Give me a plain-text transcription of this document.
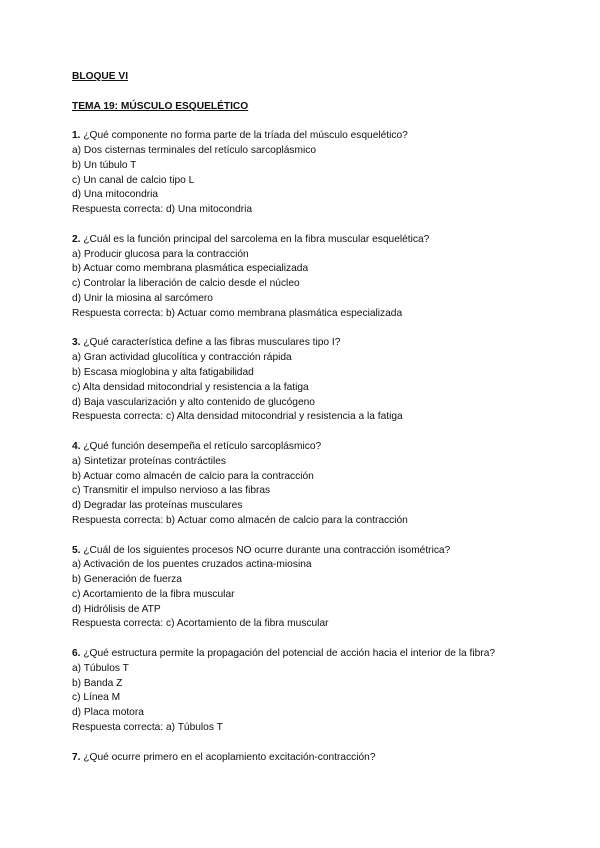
BLOQUE VI
TEMA 19: MÚSCULO ESQUELÉTICO
1. ¿Qué componente no forma parte de la tríada del músculo esquelético?
a) Dos cisternas terminales del retículo sarcoplásmico
b) Un túbulo T
c) Un canal de calcio tipo L
d) Una mitocondria
Respuesta correcta: d) Una mitocondria
2. ¿Cuál es la función principal del sarcolema en la fibra muscular esquelética?
a) Producir glucosa para la contracción
b) Actuar como membrana plasmática especializada
c) Controlar la liberación de calcio desde el núcleo
d) Unir la miosina al sarcómero
Respuesta correcta: b) Actuar como membrana plasmática especializada
3. ¿Qué característica define a las fibras musculares tipo I?
a) Gran actividad glucolítica y contracción rápida
b) Escasa mioglobina y alta fatigabilidad
c) Alta densidad mitocondrial y resistencia a la fatiga
d) Baja vascularización y alto contenido de glucógeno
Respuesta correcta: c) Alta densidad mitocondrial y resistencia a la fatiga
4. ¿Qué función desempeña el retículo sarcoplásmico?
a) Sintetizar proteínas contráctiles
b) Actuar como almacén de calcio para la contracción
c) Transmitir el impulso nervioso a las fibras
d) Degradar las proteínas musculares
Respuesta correcta: b) Actuar como almacén de calcio para la contracción
5. ¿Cuál de los siguientes procesos NO ocurre durante una contracción isométrica?
a) Activación de los puentes cruzados actina-miosina
b) Generación de fuerza
c) Acortamiento de la fibra muscular
d) Hidrólisis de ATP
Respuesta correcta: c) Acortamiento de la fibra muscular
6. ¿Qué estructura permite la propagación del potencial de acción hacia el interior de la fibra?
a) Túbulos T
b) Banda Z
c) Línea M
d) Placa motora
Respuesta correcta: a) Túbulos T
7. ¿Qué ocurre primero en el acoplamiento excitación-contracción?
